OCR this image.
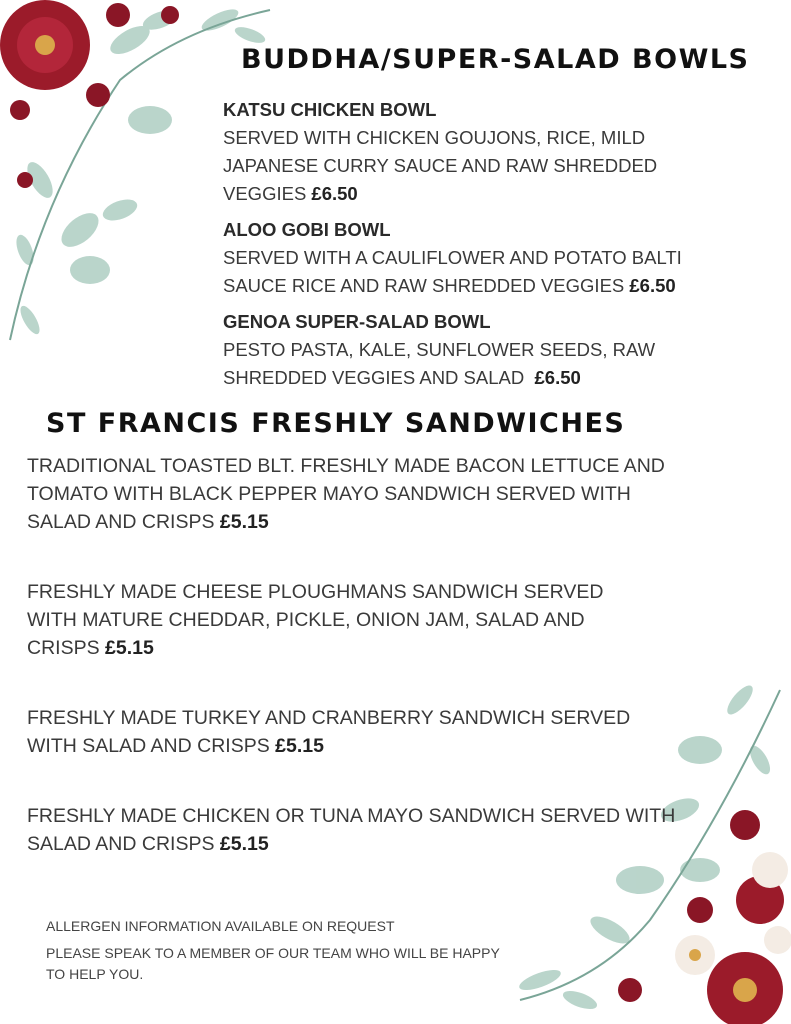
BUDDHA/SUPER-SALAD BOWLS
KATSU CHICKEN BOWL
SERVED WITH CHICKEN GOUJONS, RICE, MILD JAPANESE CURRY SAUCE AND RAW SHREDDED VEGGIES £6.50
ALOO GOBI BOWL
SERVED WITH A CAULIFLOWER AND POTATO BALTI SAUCE RICE AND RAW SHREDDED VEGGIES £6.50
GENOA SUPER-SALAD BOWL
PESTO PASTA, KALE, SUNFLOWER SEEDS, RAW SHREDDED VEGGIES AND SALAD £6.50
ST FRANCIS FRESHLY SANDWICHES
TRADITIONAL TOASTED BLT. FRESHLY MADE BACON LETTUCE AND TOMATO WITH BLACK PEPPER MAYO SANDWICH SERVED WITH SALAD AND CRISPS £5.15
FRESHLY MADE CHEESE PLOUGHMANS SANDWICH SERVED WITH MATURE CHEDDAR, PICKLE, ONION JAM, SALAD AND CRISPS £5.15
FRESHLY MADE TURKEY AND CRANBERRY SANDWICH SERVED WITH SALAD AND CRISPS £5.15
FRESHLY MADE CHICKEN OR TUNA MAYO SANDWICH SERVED WITH SALAD AND CRISPS £5.15
ALLERGEN INFORMATION AVAILABLE ON REQUEST
PLEASE SPEAK TO A MEMBER OF OUR TEAM WHO WILL BE HAPPY TO HELP YOU.
